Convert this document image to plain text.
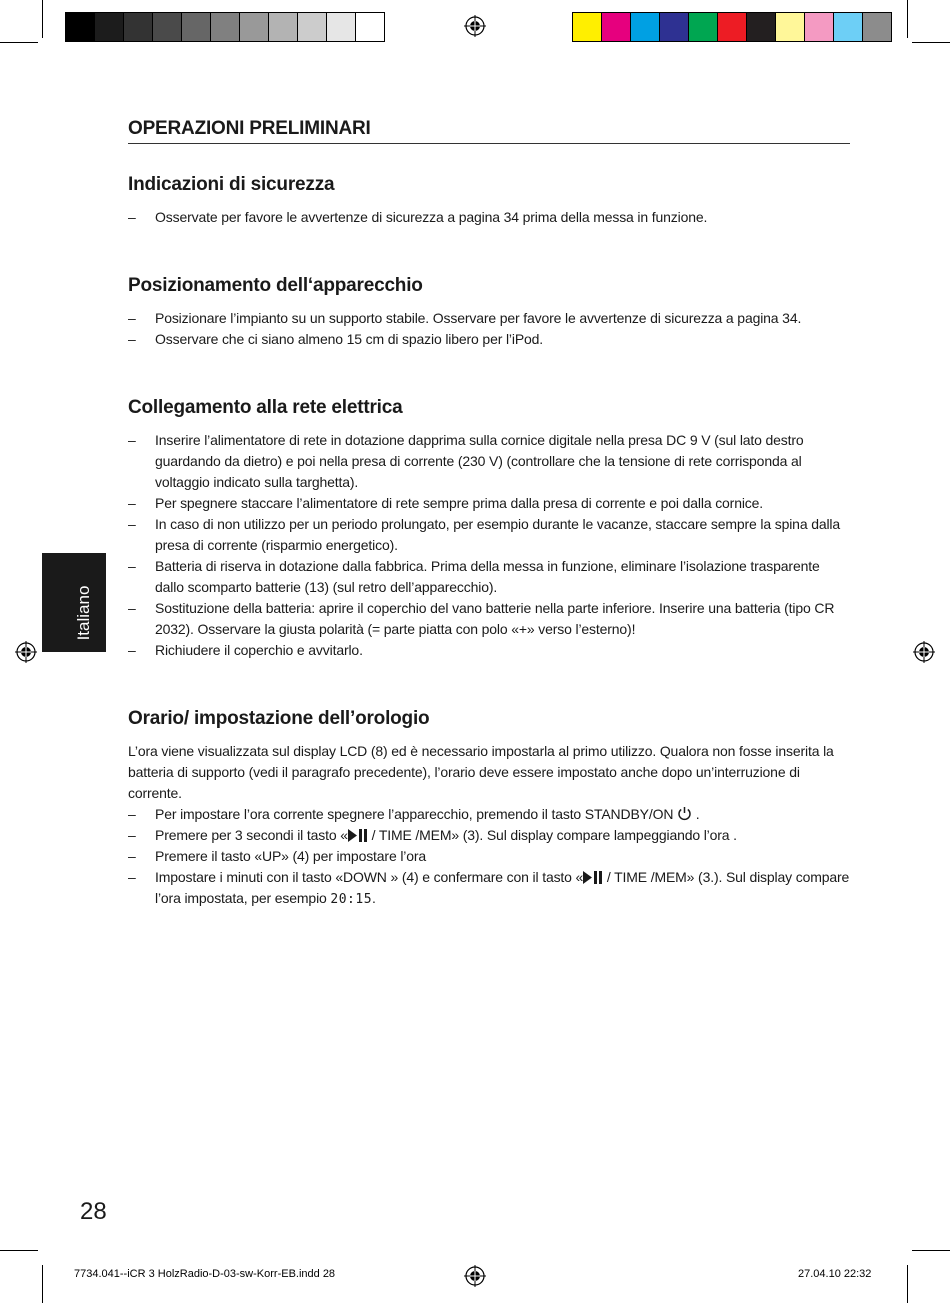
Italiano
OPERAZIONI PRELIMINARI
Indicazioni di sicurezza
– Osservate per favore le avvertenze di sicurezza a pagina 34 prima della messa in funzione.
Posizionamento dell‘apparecchio
– Posizionare l’impianto su un supporto stabile. Osservare per favore le avvertenze di sicurezza a pagina 34.
– Osservare che ci siano almeno 15 cm di spazio libero per l’iPod.
Collegamento alla rete elettrica
– Inserire l’alimentatore di rete in dotazione dapprima sulla cornice digitale nella presa DC 9 V (sul lato destro guardando da dietro) e poi nella presa di corrente (230 V) (controllare che la tensione di rete corrisponda al voltaggio indicato sulla targhetta).
– Per spegnere staccare l’alimentatore di rete sempre prima dalla presa di corrente e poi dalla cornice.
– In caso di non utilizzo per un periodo prolungato, per esempio durante le vacanze, staccare sempre la spina dalla presa di corrente (risparmio energetico).
– Batteria di riserva in dotazione dalla fabbrica. Prima della messa in funzione, eliminare l’isolazione trasparente dallo scomparto batterie (13) (sul retro dell’apparecchio).
– Sostituzione della batteria: aprire il coperchio del vano batterie nella parte inferiore. Inserire una batteria (tipo CR 2032). Osservare la giusta polarità (= parte piatta con polo «+» verso l’esterno)!
– Richiudere il coperchio e avvitarlo.
Orario/ impostazione dell’orologio

L’ora viene visualizzata sul display LCD (8) ed è necessario impostarla al primo utilizzo. Qualora non fosse inserita la batteria di supporto (vedi il paragrafo precedente), l’orario deve essere impostato anche dopo un’interruzione di corrente.

– Per impostare l’ora corrente spegnere l’apparecchio, premendo il tasto STANDBY/ON .
– Premere per 3 secondi il tasto « / TIME /MEM» (3). Sul display compare lampeggiando l’ora .
– Premere il tasto «UP» (4) per impostare l’ora
– Impostare i minuti con il tasto «DOWN » (4) e confermare con il tasto « / TIME /MEM» (3.). Sul display compare l’ora impostata, per esempio 20:15.
28
7734.041--iCR 3 HolzRadio-D-03-sw-Korr-EB.indd 28	27.04.10 22:32
